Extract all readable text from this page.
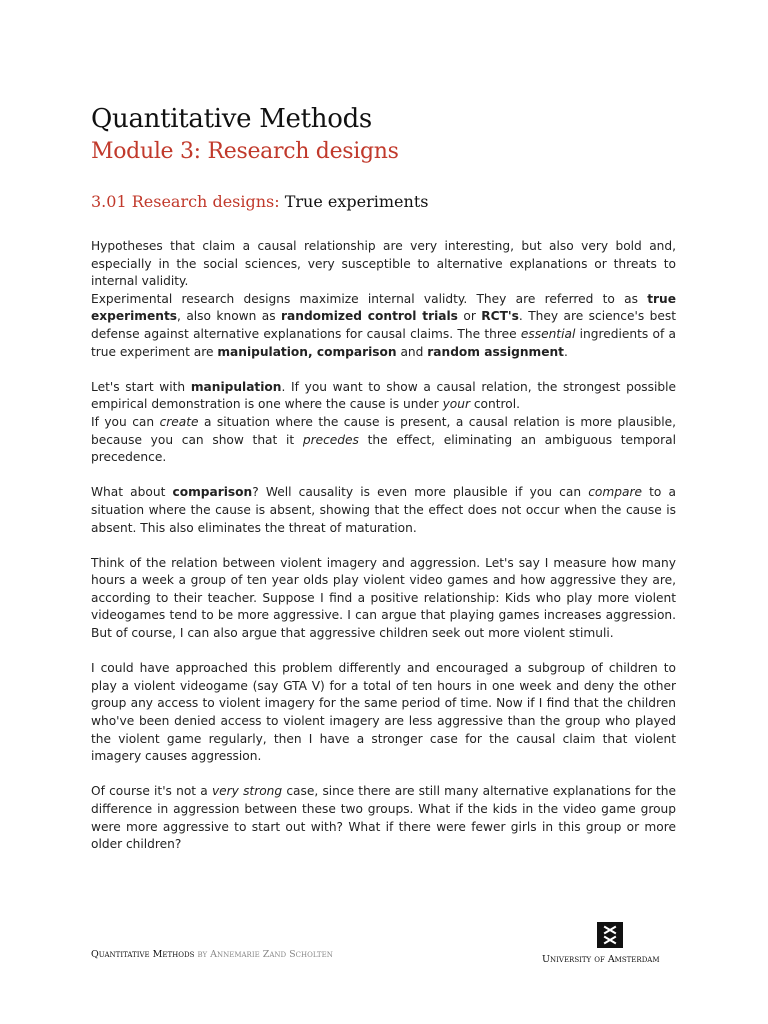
Quantitative Methods
Module 3: Research designs
3.01 Research designs: True experiments

Hypotheses that claim a causal relationship are very interesting, but also very bold and, especially in the social sciences, very susceptible to alternative explanations or threats to internal validity.

Experimental research designs maximize internal validty. They are referred to as true experiments, also known as randomized control trials or RCT's. They are science's best defense against alternative explanations for causal claims. The three essential ingredients of a true experiment are manipulation, comparison and random assignment.

Let's start with manipulation. If you want to show a causal relation, the strongest possible empirical demonstration is one where the cause is under your control.

If you can create a situation where the cause is present, a causal relation is more plausible, because you can show that it precedes the effect, eliminating an ambiguous temporal precedence.

What about comparison? Well causality is even more plausible if you can compare to a situation where the cause is absent, showing that the effect does not occur when the cause is absent. This also eliminates the threat of maturation.

Think of the relation between violent imagery and aggression. Let's say I measure how many hours a week a group of ten year olds play violent video games and how aggressive they are, according to their teacher. Suppose I find a positive relationship: Kids who play more violent videogames tend to be more aggressive. I can argue that playing games increases aggression. But of course, I can also argue that aggressive children seek out more violent stimuli.

I could have approached this problem differently and encouraged a subgroup of children to play a violent videogame (say GTA V) for a total of ten hours in one week and deny the other group any access to violent imagery for the same period of time. Now if I find that the children who've been denied access to violent imagery are less aggressive than the group who played the violent game regularly, then I have a stronger case for the causal claim that violent imagery causes aggression.

Of course it's not a very strong case, since there are still many alternative explanations for the difference in aggression between these two groups. What if the kids in the video game group were more aggressive to start out with? What if there were fewer girls in this group or more older children?

Quantitative Methods by Annemarie Zand Scholten	University of Amsterdam
